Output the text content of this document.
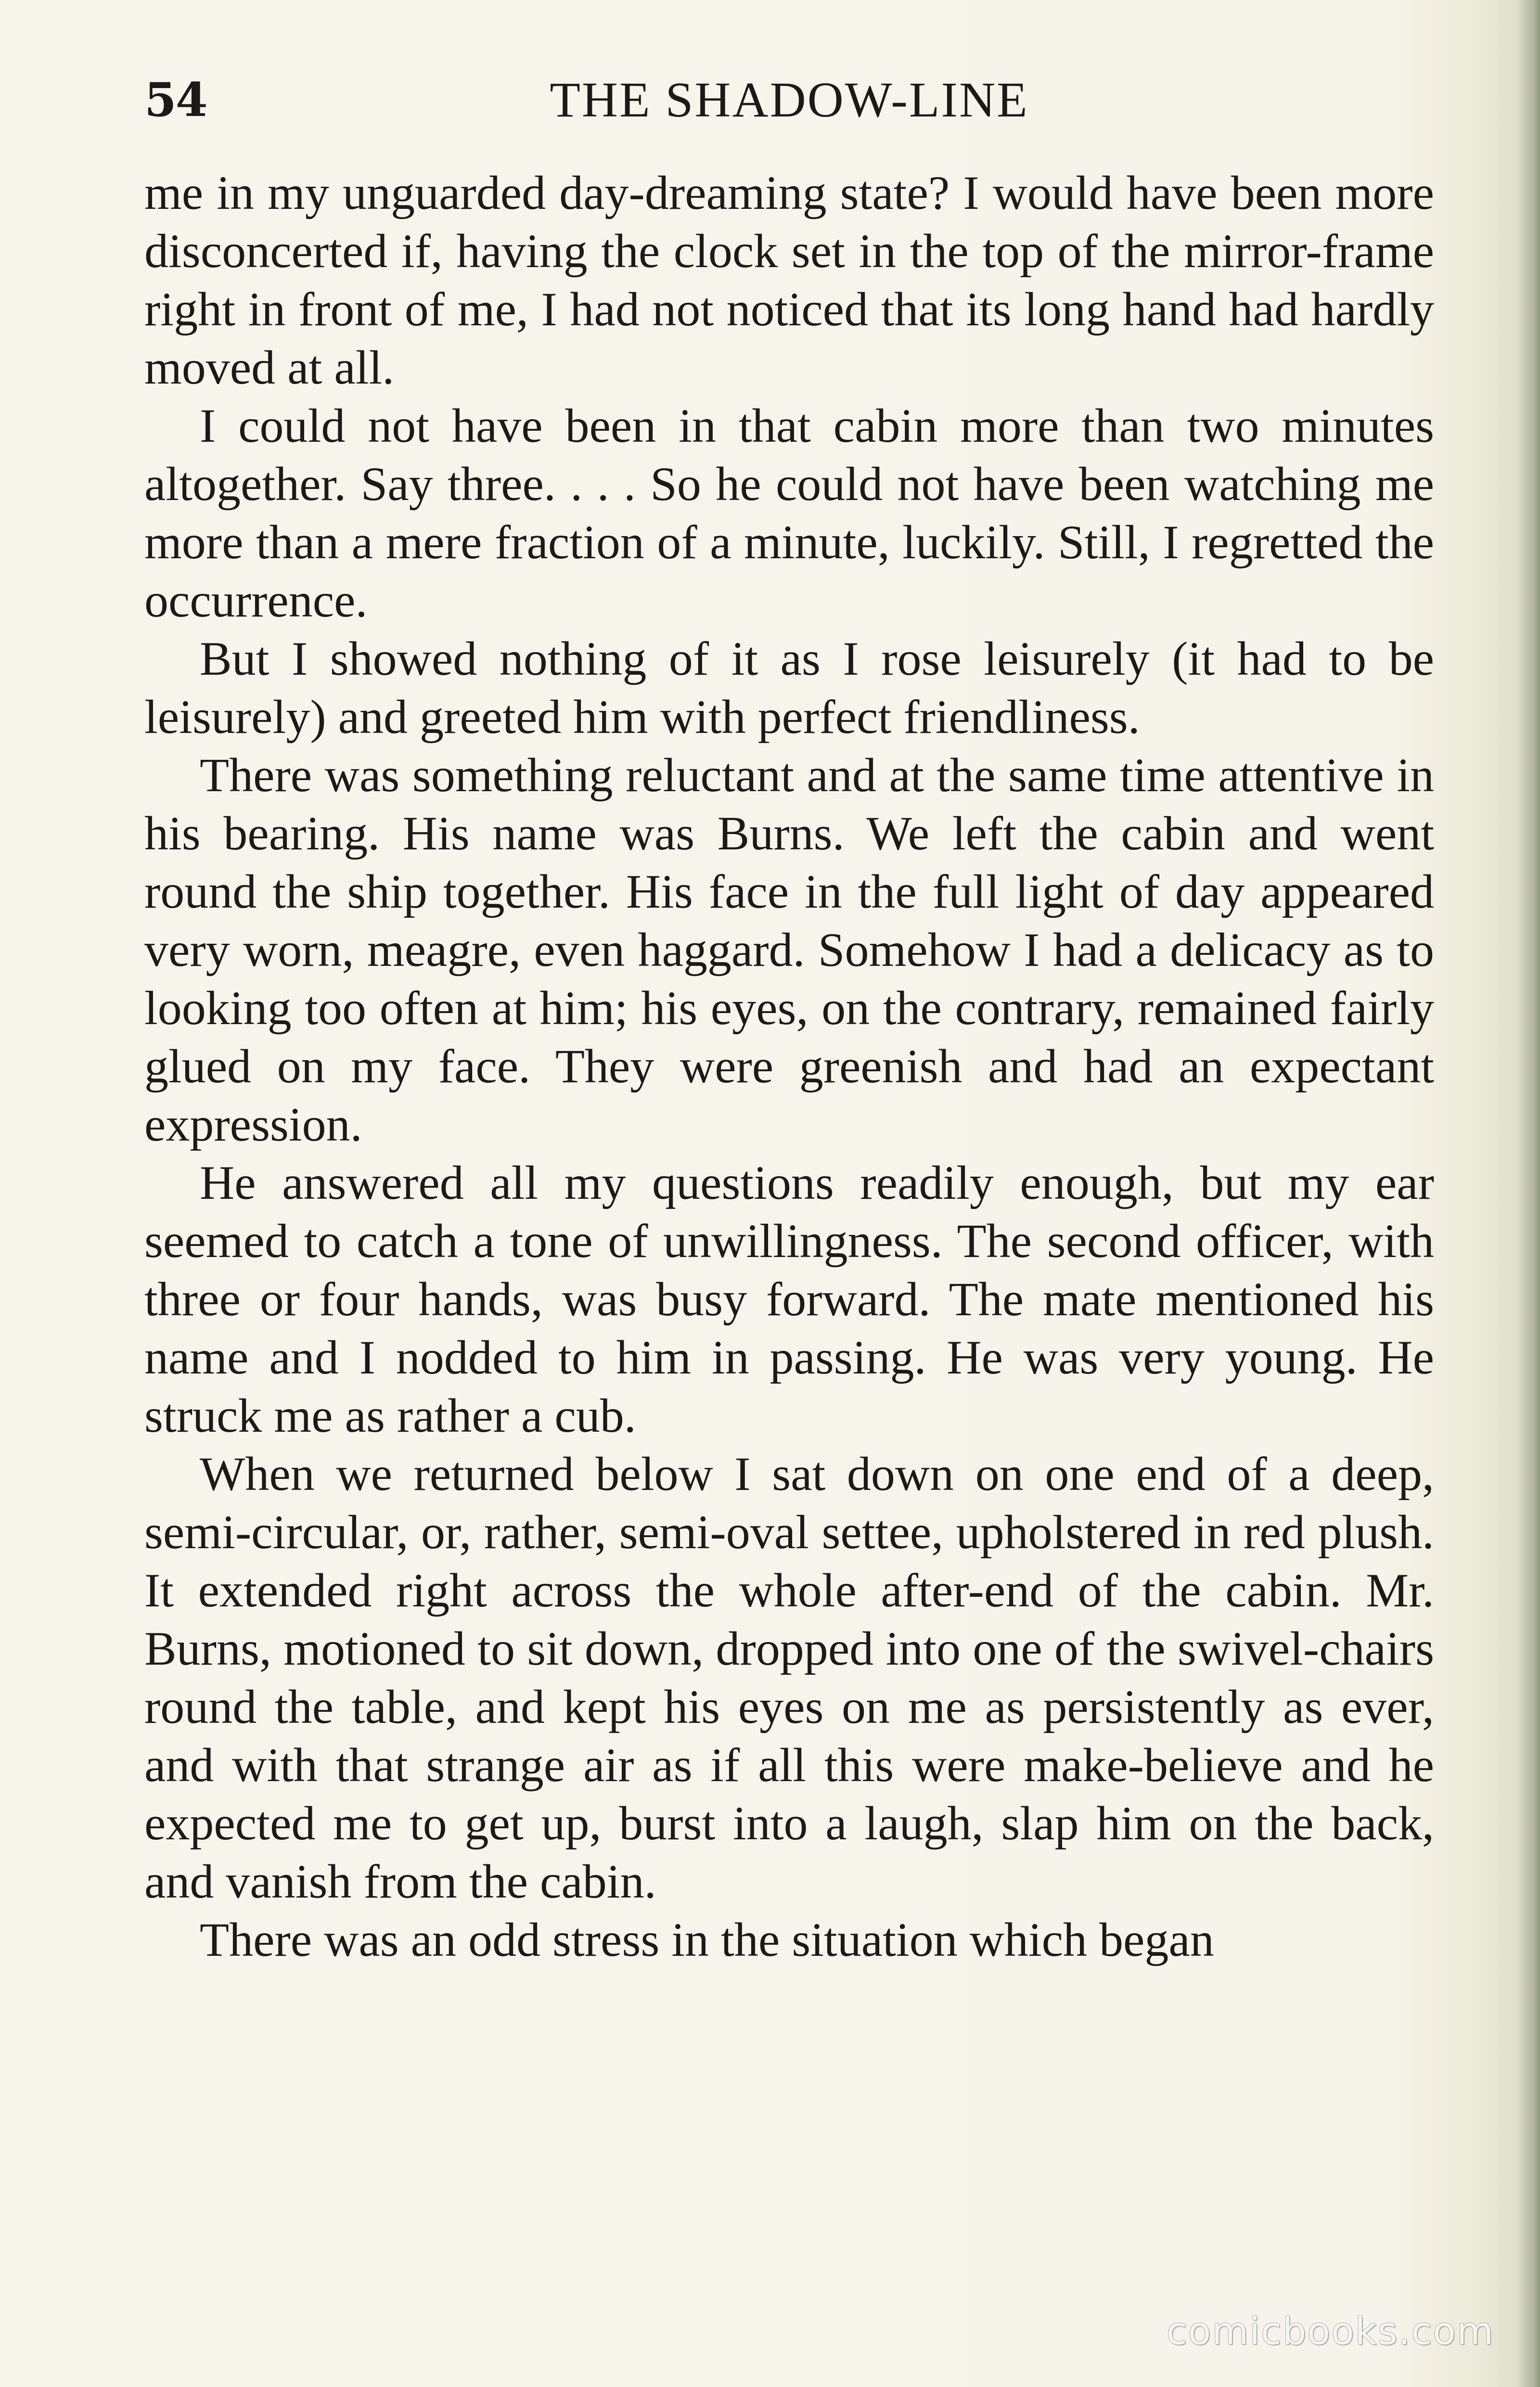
54	THE SHADOW-LINE

me in my unguarded day-dreaming state? I would have been more disconcerted if, having the clock set in the top of the mirror-frame right in front of me, I had not noticed that its long hand had hardly moved at all.

I could not have been in that cabin more than two minutes altogether. Say three. . . . So he could not have been watching me more than a mere fraction of a minute, luckily. Still, I regretted the occurrence.

But I showed nothing of it as I rose leisurely (it had to be leisurely) and greeted him with perfect friendliness.

There was something reluctant and at the same time attentive in his bearing. His name was Burns. We left the cabin and went round the ship together. His face in the full light of day appeared very worn, meagre, even haggard. Somehow I had a delicacy as to looking too often at him; his eyes, on the contrary, remained fairly glued on my face. They were greenish and had an expectant expression.

He answered all my questions readily enough, but my ear seemed to catch a tone of unwillingness. The second officer, with three or four hands, was busy forward. The mate mentioned his name and I nodded to him in passing. He was very young. He struck me as rather a cub.

When we returned below I sat down on one end of a deep, semi-circular, or, rather, semi-oval settee, upholstered in red plush. It extended right across the whole after-end of the cabin. Mr. Burns, motioned to sit down, dropped into one of the swivel-chairs round the table, and kept his eyes on me as persistently as ever, and with that strange air as if all this were make-believe and he expected me to get up, burst into a laugh, slap him on the back, and vanish from the cabin.

There was an odd stress in the situation which began

comicbooks.com
